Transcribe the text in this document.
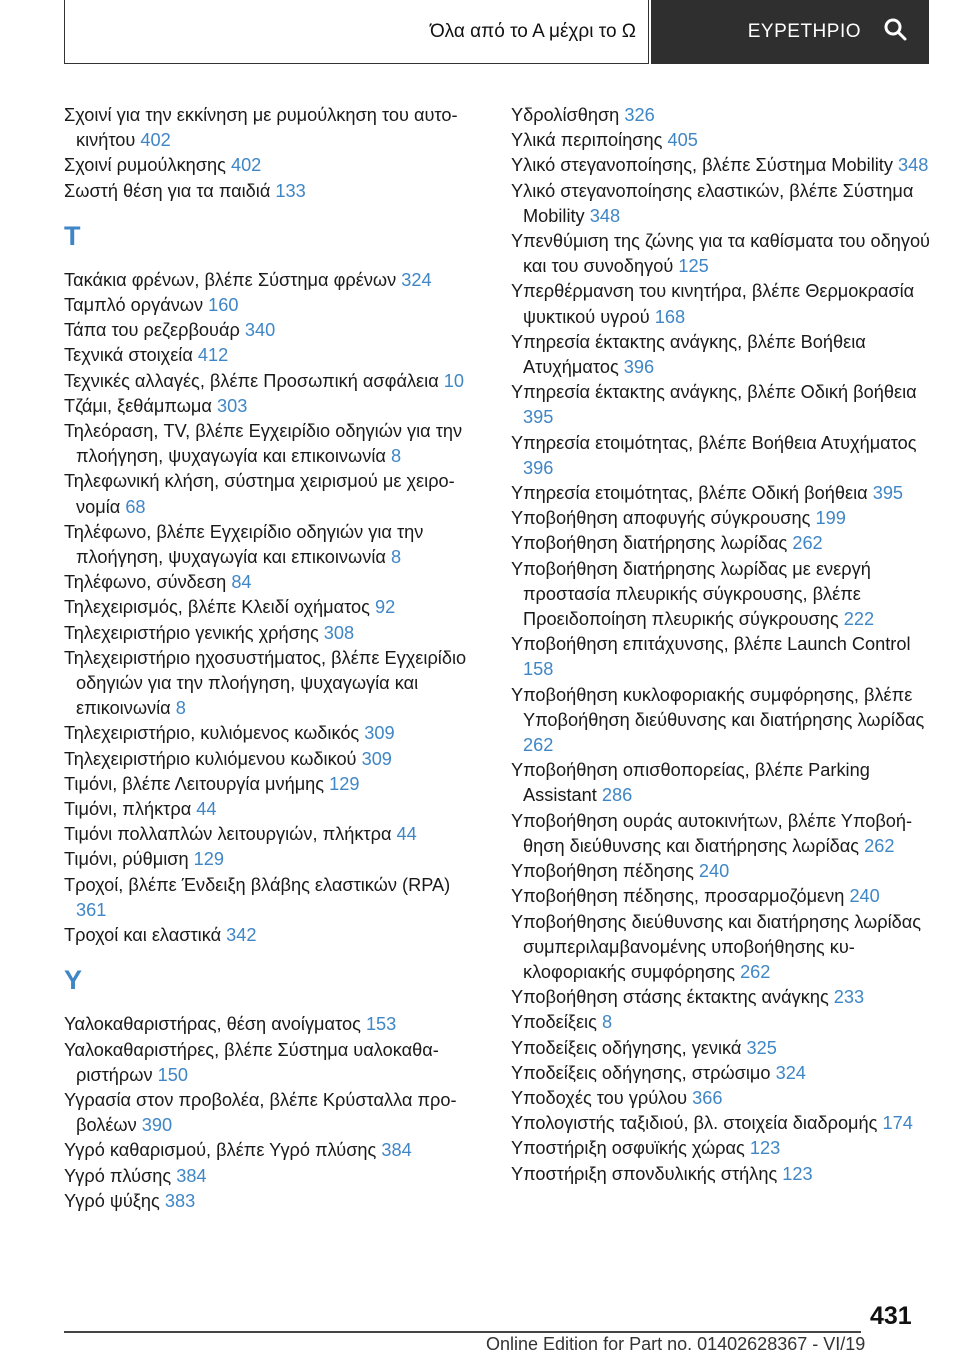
Όλα από το Α μέχρι το Ω	ΕΥΡΕΤΗΡΙΟ
Σχοινί για την εκκίνηση με ρυμούλκηση του αυτοκινήτου 402
Σχοινί ρυμούλκησης 402
Σωστή θέση για τα παιδιά 133
Τ
Τακάκια φρένων, βλέπε Σύστημα φρένων 324
Ταμπλό οργάνων 160
Τάπα του ρεζερβουάρ 340
Τεχνικά στοιχεία 412
Τεχνικές αλλαγές, βλέπε Προσωπική ασφάλεια 10
Τζάμι, ξεθάμπωμα 303
Τηλεόραση, TV, βλέπε Εγχειρίδιο οδηγιών για την πλοήγηση, ψυχαγωγία και επικοινωνία 8
Τηλεφωνική κλήση, σύστημα χειρισμού με χειρονομία 68
Τηλέφωνο, βλέπε Εγχειρίδιο οδηγιών για την πλοήγηση, ψυχαγωγία και επικοινωνία 8
Τηλέφωνο, σύνδεση 84
Τηλεχειρισμός, βλέπε Κλειδί οχήματος 92
Τηλεχειριστήριο γενικής χρήσης 308
Τηλεχειριστήριο ηχοσυστήματος, βλέπε Εγχειρίδιο οδηγιών για την πλοήγηση, ψυχαγωγία και επικοινωνία 8
Τηλεχειριστήριο, κυλιόμενος κωδικός 309
Τηλεχειριστήριο κυλιόμενου κωδικού 309
Τιμόνι, βλέπε Λειτουργία μνήμης 129
Τιμόνι, πλήκτρα 44
Τιμόνι πολλαπλών λειτουργιών, πλήκτρα 44
Τιμόνι, ρύθμιση 129
Τροχοί, βλέπε Ένδειξη βλάβης ελαστικών (RPA) 361
Τροχοί και ελαστικά 342
Υ
Υαλοκαθαριστήρας, θέση ανοίγματος 153
Υαλοκαθαριστήρες, βλέπε Σύστημα υαλοκαθαριστήρων 150
Υγρασία στον προβολέα, βλέπε Κρύσταλλα προβολέων 390
Υγρό καθαρισμού, βλέπε Υγρό πλύσης 384
Υγρό πλύσης 384
Υγρό ψύξης 383
Υδρολίσθηση 326
Υλικά περιποίησης 405
Υλικό στεγανοποίησης, βλέπε Σύστημα Mobility 348
Υλικό στεγανοποίησης ελαστικών, βλέπε Σύστημα Mobility 348
Υπενθύμιση της ζώνης για τα καθίσματα του οδηγού και του συνοδηγού 125
Υπερθέρμανση του κινητήρα, βλέπε Θερμοκρασία ψυκτικού υγρού 168
Υπηρεσία έκτακτης ανάγκης, βλέπε Βοήθεια Ατυχήματος 396
Υπηρεσία έκτακτης ανάγκης, βλέπε Οδική βοήθεια 395
Υπηρεσία ετοιμότητας, βλέπε Βοήθεια Ατυχήματος 396
Υπηρεσία ετοιμότητας, βλέπε Οδική βοήθεια 395
Υποβοήθηση αποφυγής σύγκρουσης 199
Υποβοήθηση διατήρησης λωρίδας 262
Υποβοήθηση διατήρησης λωρίδας με ενεργή προστασία πλευρικής σύγκρουσης, βλέπε Προειδοποίηση πλευρικής σύγκρουσης 222
Υποβοήθηση επιτάχυνσης, βλέπε Launch Control 158
Υποβοήθηση κυκλοφοριακής συμφόρησης, βλέπε Υποβοήθηση διεύθυνσης και διατήρησης λωρίδας 262
Υποβοήθηση οπισθοπορείας, βλέπε Parking Assistant 286
Υποβοήθηση ουράς αυτοκινήτων, βλέπε Υποβοήθηση διεύθυνσης και διατήρησης λωρίδας 262
Υποβοήθηση πέδησης 240
Υποβοήθηση πέδησης, προσαρμοζόμενη 240
Υποβοήθησης διεύθυνσης και διατήρησης λωρίδας συμπεριλαμβανομένης υποβοήθησης κυκλοφοριακής συμφόρησης 262
Υποβοήθηση στάσης έκτακτης ανάγκης 233
Υποδείξεις 8
Υποδείξεις οδήγησης, γενικά 325
Υποδείξεις οδήγησης, στρώσιμο 324
Υποδοχές του γρύλου 366
Υπολογιστής ταξιδιού, βλ. στοιχεία διαδρομής 174
Υποστήριξη οσφυϊκής χώρας 123
Υποστήριξη σπονδυλικής στήλης 123
431
Online Edition for Part no. 01402628367 - VI/19
